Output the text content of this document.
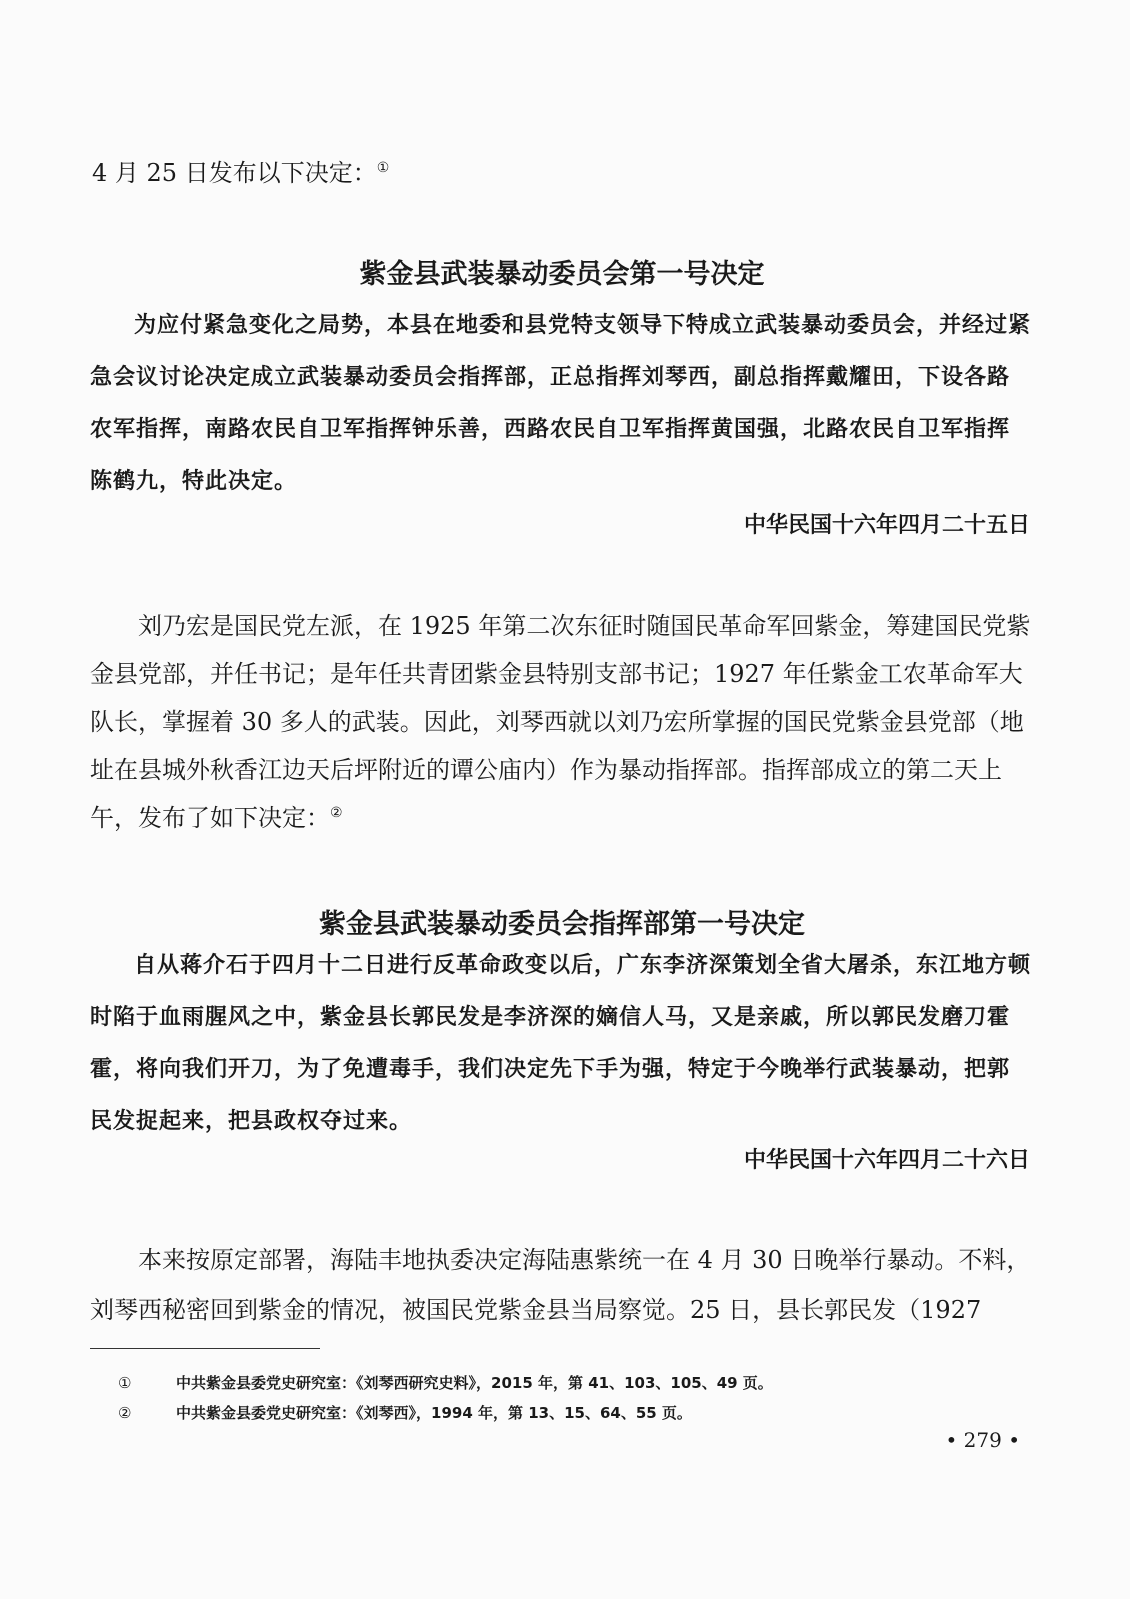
4 月 25 日发布以下决定：①

紫金县武装暴动委员会第一号决定

为应付紧急变化之局势，本县在地委和县党特支领导下特成立武装暴动委员会，并经过紧急会议讨论决定成立武装暴动委员会指挥部，正总指挥刘琴西，副总指挥戴耀田，下设各路农军指挥，南路农民自卫军指挥钟乐善，西路农民自卫军指挥黄国强，北路农民自卫军指挥陈鹤九，特此决定。

中华民国十六年四月二十五日

刘乃宏是国民党左派，在 1925 年第二次东征时随国民革命军回紫金，筹建国民党紫金县党部，并任书记；是年任共青团紫金县特别支部书记；1927 年任紫金工农革命军大队长，掌握着 30 多人的武装。因此，刘琴西就以刘乃宏所掌握的国民党紫金县党部（地址在县城外秋香江边天后坪附近的谭公庙内）作为暴动指挥部。指挥部成立的第二天上午，发布了如下决定：②

紫金县武装暴动委员会指挥部第一号决定

自从蒋介石于四月十二日进行反革命政变以后，广东李济深策划全省大屠杀，东江地方顿时陷于血雨腥风之中，紫金县长郭民发是李济深的嫡信人马，又是亲戚，所以郭民发磨刀霍霍，将向我们开刀，为了免遭毒手，我们决定先下手为强，特定于今晚举行武装暴动，把郭民发捉起来，把县政权夺过来。

中华民国十六年四月二十六日

本来按原定部署，海陆丰地执委决定海陆惠紫统一在 4 月 30 日晚举行暴动。不料，刘琴西秘密回到紫金的情况，被国民党紫金县当局察觉。25 日，县长郭民发（1927

①	中共紫金县委党史研究室：《刘琴西研究史料》，2015 年，第 41、103、105、49 页。
②	中共紫金县委党史研究室：《刘琴西》，1994 年，第 13、15、64、55 页。
• 279 •
